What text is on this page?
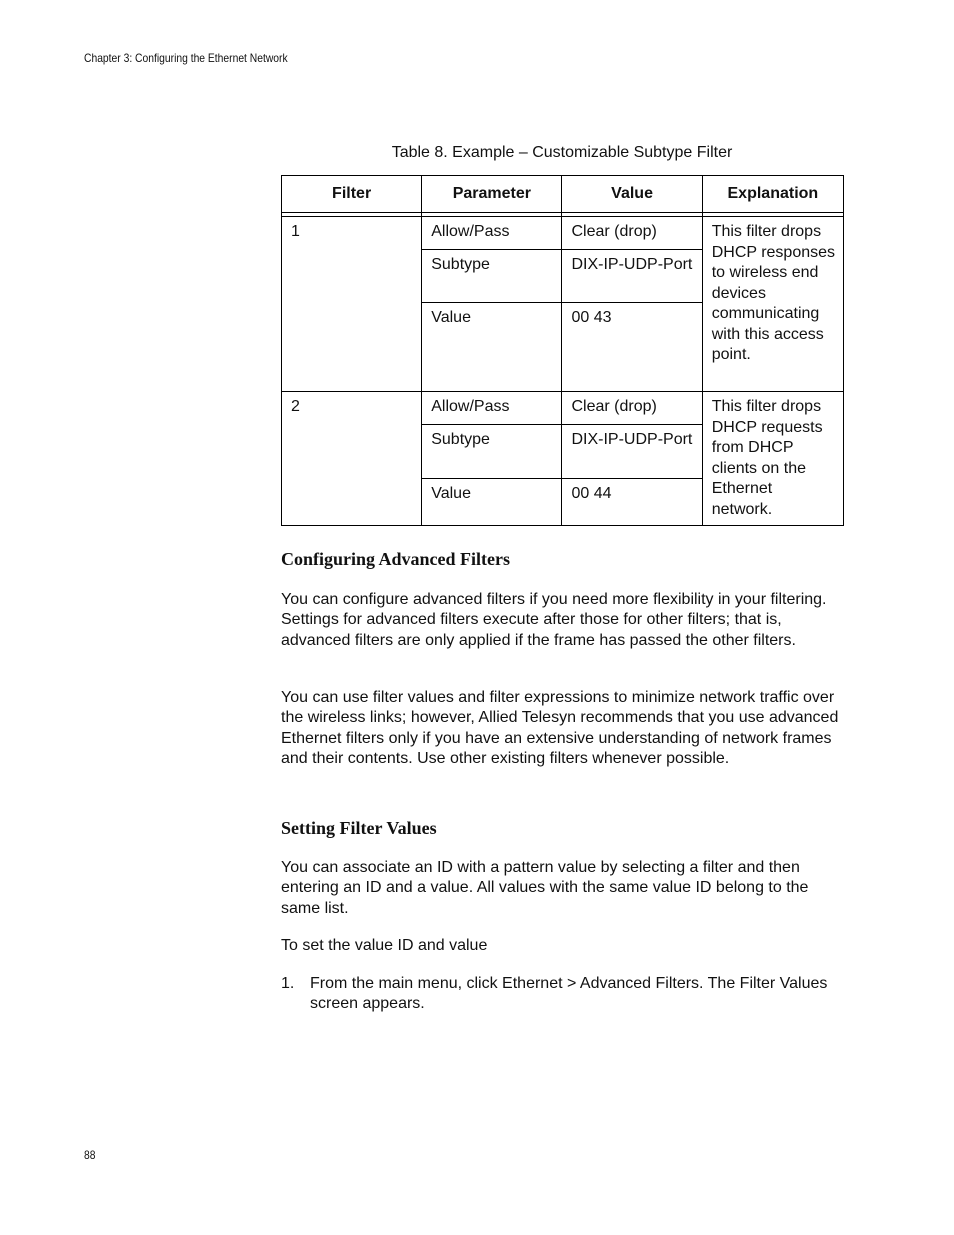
Chapter 3: Configuring the Ethernet Network
Table 8. Example – Customizable Subtype Filter
Filter	Parameter	Value	Explanation

1	Allow/Pass	Clear (drop)	This filter drops DHCP responses to wireless end devices communicating with this access point.
	Subtype	DIX-IP-UDP-Port	
	Value	00 43	
2	Allow/Pass	Clear (drop)	This filter drops DHCP requests from DHCP clients on the Ethernet network.
	Subtype	DIX-IP-UDP-Port	
	Value	00 44	
Configuring Advanced Filters

You can configure advanced filters if you need more flexibility in your filtering. Settings for advanced filters execute after those for other filters; that is, advanced filters are only applied if the frame has passed the other filters.

You can use filter values and filter expressions to minimize network traffic over the wireless links; however, Allied Telesyn recommends that you use advanced Ethernet filters only if you have an extensive understanding of network frames and their contents. Use other existing filters whenever possible.

Setting Filter Values

You can associate an ID with a pattern value by selecting a filter and then entering an ID and a value. All values with the same value ID belong to the same list.

To set the value ID and value

1. From the main menu, click Ethernet > Advanced Filters. The Filter Values screen appears.
88
